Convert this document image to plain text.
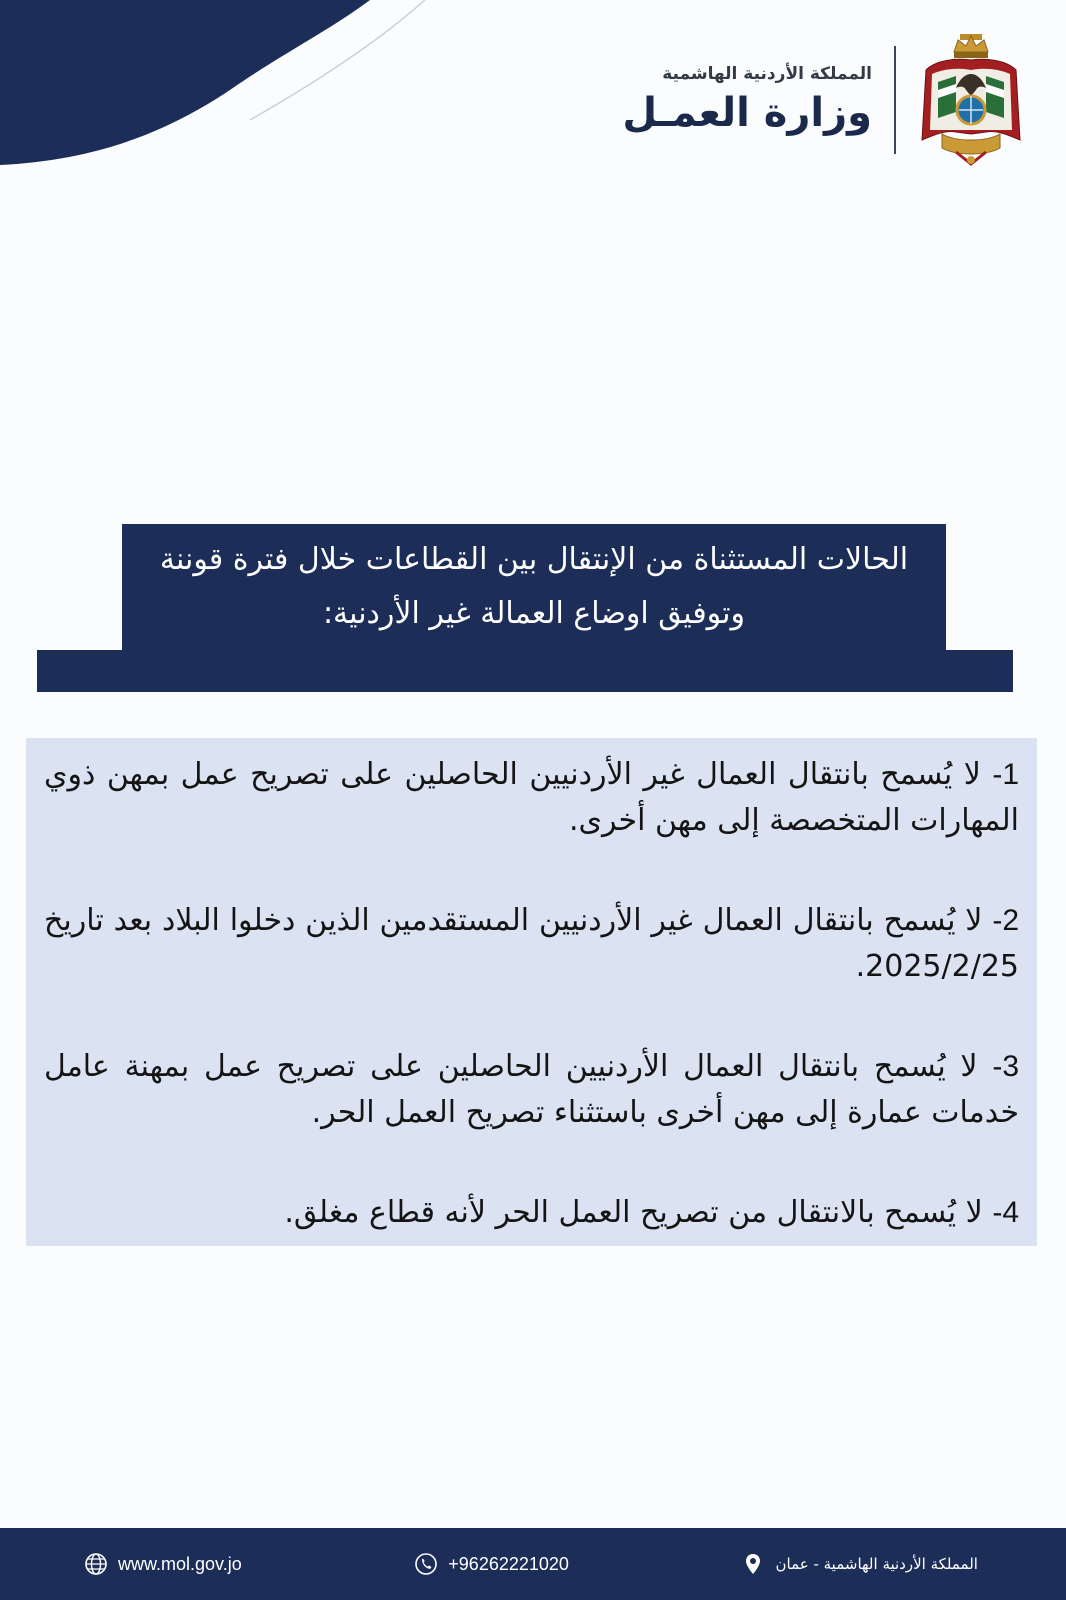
المملكة الأردنية الهاشمية
وزارة العمـل
الحالات المستثناة من الإنتقال بين القطاعات خلال فترة قوننة وتوفيق اوضاع العمالة غير الأردنية:

1- لا يُسمح بانتقال العمال غير الأردنيين الحاصلين على تصريح عمل بمهن ذوي المهارات المتخصصة إلى مهن أخرى.

2- لا يُسمح بانتقال العمال غير الأردنيين المستقدمين الذين دخلوا البلاد بعد تاريخ 2025/2/25.

3- لا يُسمح بانتقال العمال الأردنيين الحاصلين على تصريح عمل بمهنة عامل خدمات عمارة إلى مهن أخرى باستثناء تصريح العمل الحر.

4- لا يُسمح بالانتقال من تصريح العمل الحر لأنه قطاع مغلق.

www.mol.gov.jo	+96262221020	المملكة الأردنية الهاشمية - عمان
